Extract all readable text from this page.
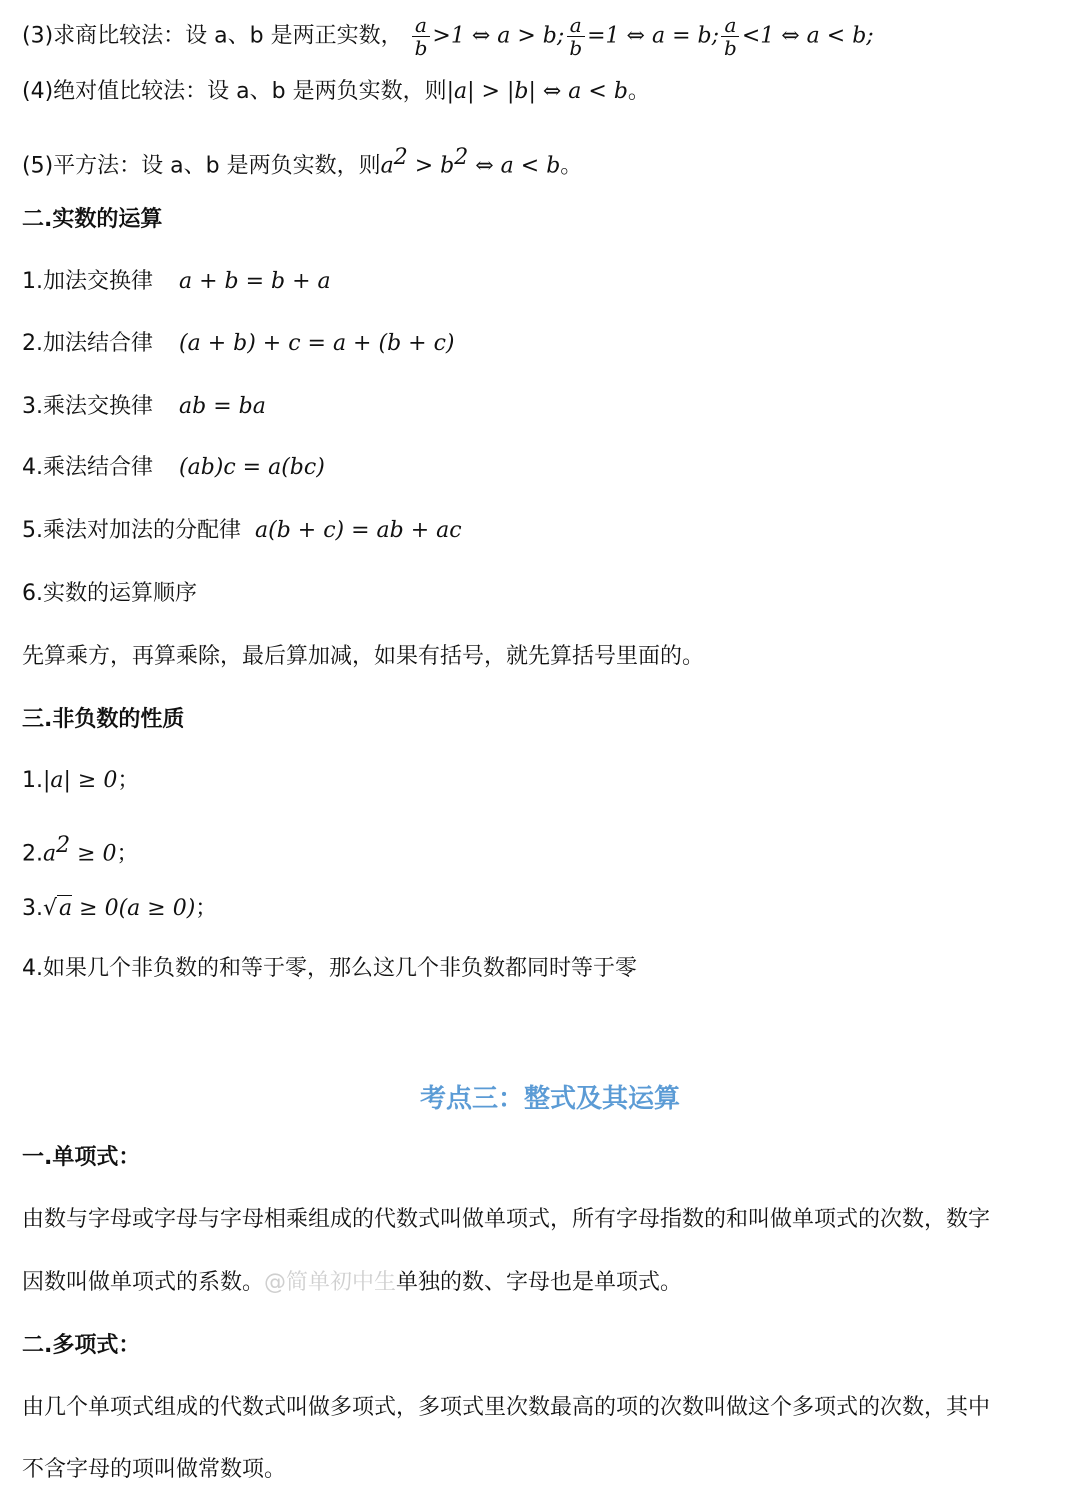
(3)求商比较法：设 a、b 是两正实数， $\frac{a}{b} >1$ ⇔ a > b; $\frac{a}{b} =1$ ⇔ a = b; $\frac{a}{b} <1$ ⇔ a < b;
(4)绝对值比较法：设 a、b 是两负实数，则|a| > |b| ⇔ a < b。
(5)平方法：设 a、b 是两负实数，则$a^2 > b^2$ ⇔ a < b。
二.实数的运算
1.加法交换律 a + b = b + a
2.加法结合律 (a + b) + c = a + (b + c)
3.乘法交换律 ab = ba
4.乘法结合律 (ab)c = a(bc)
5.乘法对加法的分配律 a(b + c) = ab + ac
6.实数的运算顺序
先算乘方，再算乘除，最后算加减，如果有括号，就先算括号里面的。
三.非负数的性质
1.|a| ≥ 0；
$2.a^2 \ge 0$；
3.√a ≥ 0(a ≥ 0)；
4.如果几个非负数的和等于零，那么这几个非负数都同时等于零
考点三：整式及其运算
一.单项式：
由数与字母或字母与字母相乘组成的代数式叫做单项式，所有字母指数的和叫做单项式的次数，数字
因数叫做单项式的系数。@简单初中生单独的数、字母也是单项式。
二.多项式：
由几个单项式组成的代数式叫做多项式，多项式里次数最高的项的次数叫做这个多项式的次数，其中
不含字母的项叫做常数项。
